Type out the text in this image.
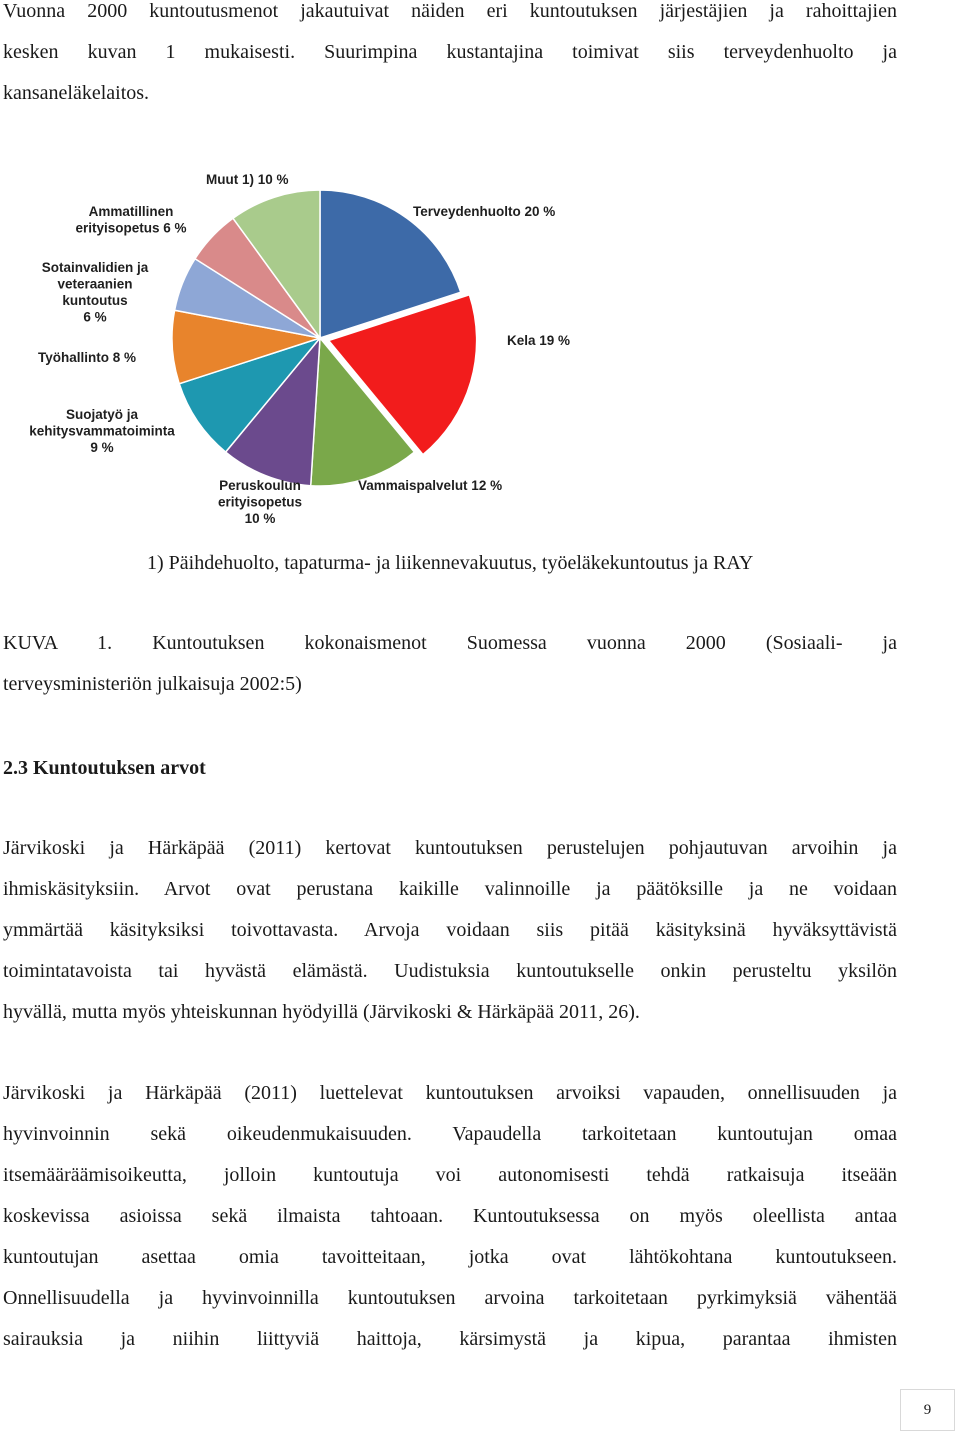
Vuonna 2000 kuntoutusmenot jakautuivat näiden eri kuntoutuksen järjestäjien ja rahoittajien
kesken kuvan 1 mukaisesti. Suurimpina kustantajina toimivat siis terveydenhuolto ja
kansaneläkelaitos.
Terveydenhuolto 20 %
Kela 19 %
Vammaispalvelut 12 %
Peruskoulun erityisopetus 10 %
Suojatyö ja kehitysvammatoiminta 9 %
Työhallinto 8 %
Sotainvalidien ja veteraanien kuntoutus 6 %
Ammatillinen erityisopetus 6 %
Muut 1) 10 %

1) Päihdehuolto, tapaturma- ja liikennevakuutus, työeläkekuntoutus ja RAY

KUVA 1. Kuntoutuksen kokonaismenot Suomessa vuonna 2000 (Sosiaali- ja
terveysministeriön julkaisuja 2002:5)
2.3 Kuntoutuksen arvot
Järvikoski ja Härkäpää (2011) kertovat kuntoutuksen perustelujen pohjautuvan arvoihin ja
ihmiskäsityksiin. Arvot ovat perustana kaikille valinnoille ja päätöksille ja ne voidaan
ymmärtää käsityksiksi toivottavasta. Arvoja voidaan siis pitää käsityksinä hyväksyttävistä
toimintatavoista tai hyvästä elämästä. Uudistuksia kuntoutukselle onkin perusteltu yksilön
hyvällä, mutta myös yhteiskunnan hyödyillä (Järvikoski & Härkäpää 2011, 26).
Järvikoski ja Härkäpää (2011) luettelevat kuntoutuksen arvoiksi vapauden, onnellisuuden ja
hyvinvoinnin sekä oikeudenmukaisuuden. Vapaudella tarkoitetaan kuntoutujan omaa
itsemääräämisoikeutta, jolloin kuntoutuja voi autonomisesti tehdä ratkaisuja itseään
koskevissa asioissa sekä ilmaista tahtoaan. Kuntoutuksessa on myös oleellista antaa
kuntoutujan asettaa omia tavoitteitaan, jotka ovat lähtökohtana kuntoutukseen.
Onnellisuudella ja hyvinvoinnilla kuntoutuksen arvoina tarkoitetaan pyrkimyksiä vähentää
sairauksia ja niihin liittyviä haittoja, kärsimystä ja kipua, parantaa ihmisten
9
